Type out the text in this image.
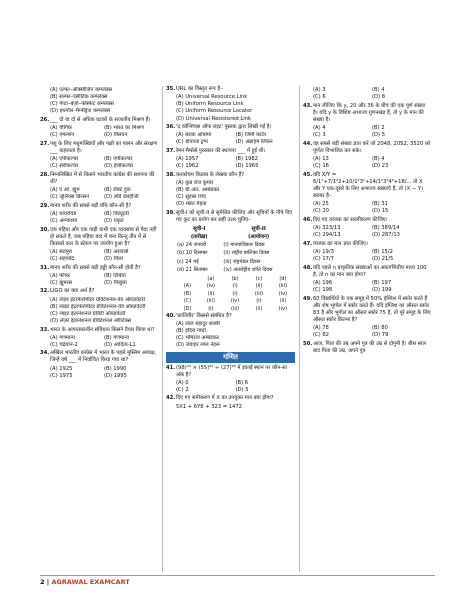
(A) एल्फा–ऑक्सीजिन कम्प्लेक्स
(B) सल्फा–ऐसीटिक कम्प्लेक्स
(C) पेप्टा–बेंज़ो–फॉस्फेट कम्प्लेक्स
(D) इथनॉल–मैग्नीड्रेज कम्प्लेक्स
26. ___ दो या दो से अधिक घटकों के सजातीय मिश्रण हैं।
(A) यौगिक	(B) भारत का मिश्रण
(C) एमल्शन	(D) विलयन
27. पशु के लिए मधुमक्खियों और पक्षी का पालन और संरक्षण ___ कहलाता है।
(A) एपीकल्चर	(B) एपीकल्चर
(C) सेरीकल्चर	(D) हेलीकल्चर
28. निम्नलिखित में से किसने भारतीय कांग्रेस की स्थापना की थी?
(A) ए.ओ. ह्यूम	(B) रॉबर्ट हुक
(C) जूलियस डिल्सन	(D) लॉर्ड डलहौजी
29. मानव शरीर की सबसे बड़ी ग्रंथि कौन-सी है?
(A) थायरॉयड	(B) पिट्यूटरी
(C) अग्न्याशय	(D) यकृत
30. एक पहिया और एक गाड़ी कभी एक व्यवसाय से पैदा नहीं हो सकते हैं, जब पहिया बाद में बना किन्तु तीन में से किसको कार के स्टेशन पर उपयोग हुआ है?
(A) सतपुरा	(B) अरावली
(C) सहयाद्रि	(D) विंध्य
31. मानव शरीर की सबसे बड़ी हड्डी कौन-सी होती है?
(A) फीमर	(B) टिबिया
(C) ह्यूमरस	(D) फिबुला
32. LIGO का क्या अर्थ है?
(A) लेज़र इंटरफेरोमीटर ग्रेविटेशनल-वेव ऑब्ज़र्वेटरी
(B) लाइट इंटरफेरोमीटर ग्रेविटेशनल-वेव ऑब्ज़र्वेटरी
(C) लाइट इंटरनेशनल ग्रेविटी ऑब्ज़र्वेटरी
(D) लेज़र इंटरनेशनल ग्रेविटेशनल ऑप्टिक्स
33. भारत के आपातकालीन संविधान किसने तैयार किया था?
(A) गणमान्य	(B) गणमान्य
(C) चंद्रयान-2	(D) आदित्य-L1
34. अखिल भारतीय कांग्रेस में भारत के पहले मुस्लिम अध्यक्ष, जिन्हें वर्ष ___ में निर्वाचित किया गया था?
(A) 1925	(B) 1990
(C) 1975	(D) 1995
35. URL का विस्तृत रूप है–
(A) Universal Resource Link
(B) Uniform Resource Link
(C) Uniform Resource Locator
(D) Universal Resistered Link
36. 'द कॉन्शियस ऑफ राइट' पुस्तक द्वारा लिखी गई है।
(A) बराक ओबामा	(B) जिमी कार्टर
(C) डोनाल्ड ट्रम्प	(D) अब्राहम लिंकन
37. रेमन मैग्सेसे पुरस्कार की स्थापना ___ में हुई थी।
(A) 1957	(B) 1982
(C) 1962	(D) 1965
38. करकोचम किताब के लेखक कौन हैं?
(A) कुन्न राज कुमार
(B) बी.आर. अम्बेडकर
(C) सुहास शिंदे
(D) मन्नत मेहता
39. सूची-I को सूची-II से सुमेलित कीजिए और सूचियों के नीचे दिए गए कूट का प्रयोग कर सही उत्तर चुनिए–
सूची-I	सूची-II
(तारीख़)	(आयोजन)
(a) 24 जनवरी	(i) मानवाधिकार दिवस
(b) 10 दिसम्बर	(ii) राष्ट्रीय बालिका दिवस
(c) 24 मई	(iii) राष्ट्रमंडल दिवस
(d) 21 सितम्बर	(iv) अंतर्राष्ट्रीय शांति दिवस
	(a)	(b)	(c)	(d)
(A)	(iv)	(i)	(ii)	(iii)
(B)	(ii)	(i)	(iii)	(iv)
(C)	(iii)	(iv)	(i)	(ii)
(D)	(i)	(iii)	(ii)	(iv)
40. 'क्रांतिवीर' किससे संबंधित है?
(A) लाल बहादुर शास्त्री
(B) इंदिरा गांधी
(C) भीमराव अम्बेडकर
(D) जवाहर लाल नेहरू
गणित
41. (98)⁴⁰ × (55)⁶³ ÷ (27)³⁶ में इकाई स्थान पर कौन-सा अंक है?
(A) 0	(B) 6
(C) 2	(D) 5
42. दिए गए समीकरण में X का उपयुक्त मान क्या होगा?
5X1 + 6Y8 + 323 = 1472
(A) 3	(B) 4
(C) 6	(D) 8
43. मान लीजिए कि y, 20 और 36 के बीच की एक पूर्ण संख्या है। यदि y के विशिष्ट अभाज्य गुणनखंड हैं, तो y के मान की संख्या है।
(A) 4	(B) 2
(C) 3	(D) 5
44. वह सबसे बड़ी संख्या ज्ञात करें जो 2048, 2052, 3520 को पूर्णतः विभाजित कर सके।
(A) 13	(B) 4
(C) 16	(D) 23
45. यदि X/Y = 6/1²+7/1²2+10/1²3²+14/1²3²4²+18/... तो X और Y एक-दूसरे के लिए अभाज्य संख्याएँ हैं, तो (X − Y) बराबर है–
(A) 25	(B) 31
(C) 20	(D) 15
46. दिए गए व्यंजक का सरलीकरण कीजिए।
(A) 323/13	(B) 389/14
(C) 294/13	(D) 287/13
47. व्यंजक का मान ज्ञात कीजिए।
(A) 19/3	(B) 15/2
(C) 17/7	(D) 21/5
48. यदि पहले n प्राकृतिक संख्याओं का अंकगणितीय माध्य 100 है, तो n का मान क्या होगा?
(A) 196	(B) 197
(C) 198	(D) 199
49. 60 विद्यार्थियों के एक समूह में 50% इंग्लिश में स्कोर करते हैं और शेष भूगोल में स्कोर करते हैं। यदि इंग्लिश का औसत स्कोर 83 है और भूगोल का औसत स्कोर 75 है, तो पूरे समूह के लिए औसत स्कोर कितना है?
(A) 78	(B) 80
(C) 82	(D) 79
50. आज, पिता की उम्र अपने पुत्र की उम्र से दोगुनी है। बीस साल बाद पिता की उम्र, अपने पुत्र
2 | AGRAWAL EXAMCART
